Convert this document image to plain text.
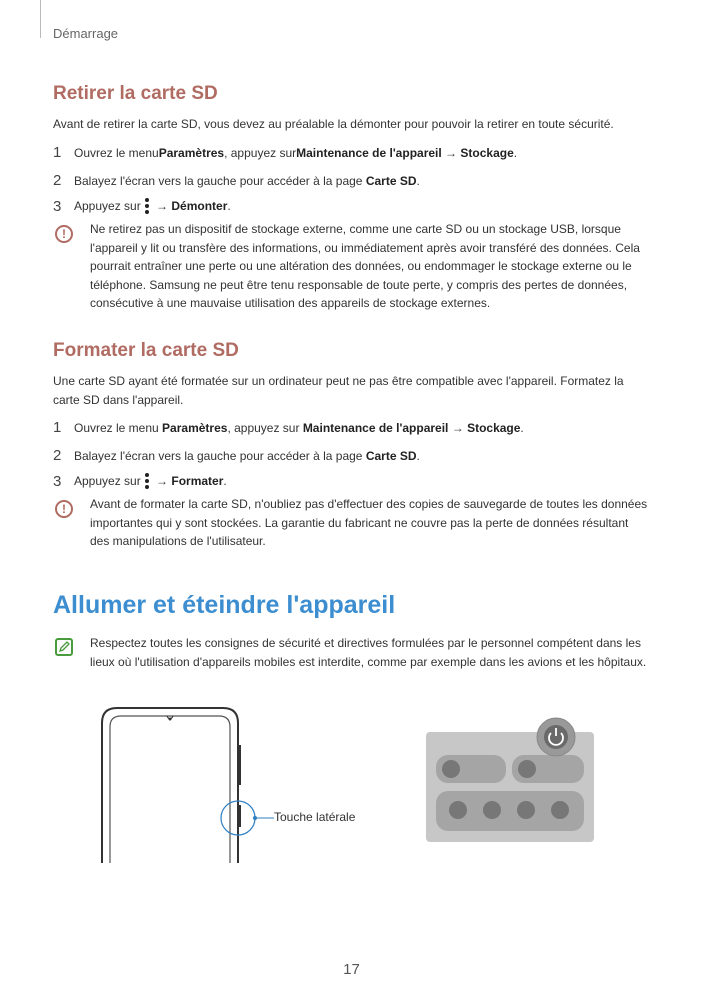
Démarrage
Retirer la carte SD
Avant de retirer la carte SD, vous devez au préalable la démonter pour pouvoir la retirer en toute sécurité.
1	Ouvrez le menu Paramètres , appuyez sur Maintenance de l'appareil → Stockage .
2	Balayez l'écran vers la gauche pour accéder à la page Carte SD .
3	Appuyez sur → Démonter .
!	Ne retirez pas un dispositif de stockage externe, comme une carte SD ou un stockage USB, lorsque l'appareil y lit ou transfère des informations, ou immédiatement après avoir transféré des données. Cela pourrait entraîner une perte ou une altération des données, ou endommager le stockage externe ou le téléphone. Samsung ne peut être tenu responsable de toute perte, y compris des pertes de données, consécutive à une mauvaise utilisation des appareils de stockage externes.
Formater la carte SD
Une carte SD ayant été formatée sur un ordinateur peut ne pas être compatible avec l'appareil. Formatez la carte SD dans l'appareil.
1	Ouvrez le menu Paramètres , appuyez sur Maintenance de l'appareil → Stockage .
2	Balayez l'écran vers la gauche pour accéder à la page Carte SD .
3	Appuyez sur → Formater .
!	Avant de formater la carte SD, n'oubliez pas d'effectuer des copies de sauvegarde de toutes les données importantes qui y sont stockées. La garantie du fabricant ne couvre pas la perte de données résultant des manipulations de l'utilisateur.
Allumer et éteindre l'appareil
Respectez toutes les consignes de sécurité et directives formulées par le personnel compétent dans les lieux où l'utilisation d'appareils mobiles est interdite, comme par exemple dans les avions et les hôpitaux.
Touche latérale
17
